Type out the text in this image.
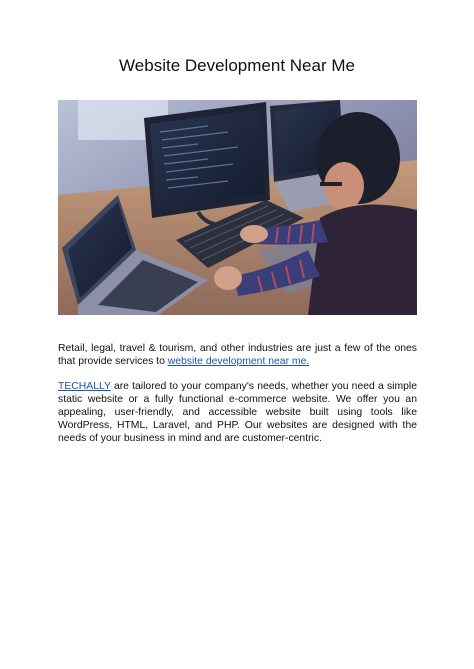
Website Development Near Me

Retail, legal, travel & tourism, and other industries are just a few of the ones that provide services to website development near me.

TECHALLY are tailored to your company's needs, whether you need a simple static website or a fully functional e-commerce website. We offer you an appealing, user-friendly, and accessible website built using tools like WordPress, HTML, Laravel, and PHP. Our websites are designed with the needs of your business in mind and are customer-centric.
